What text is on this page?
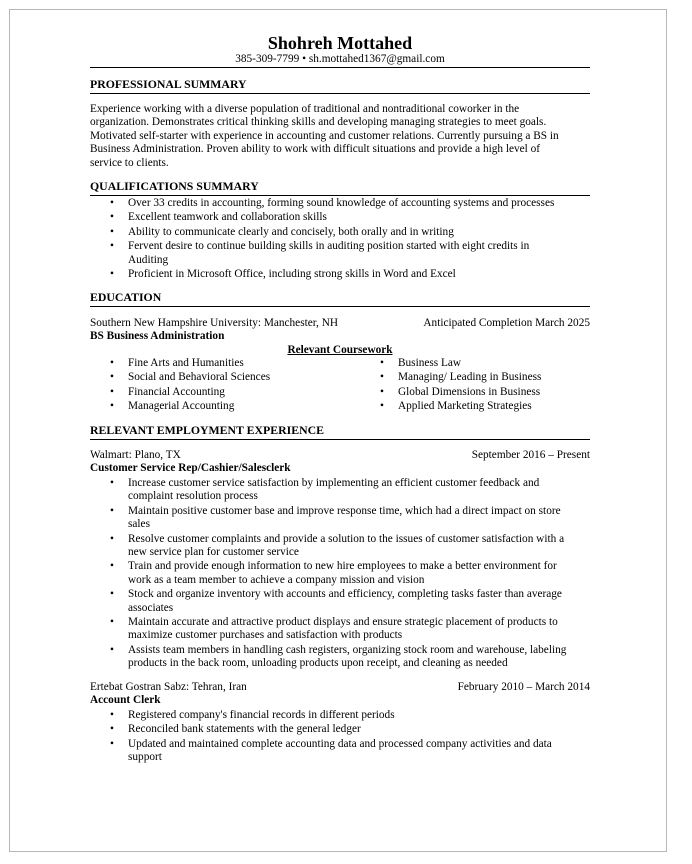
Shohreh Mottahed
385-309-7799 • sh.mottahed1367@gmail.com
PROFESSIONAL SUMMARY
Experience working with a diverse population of traditional and nontraditional coworker in the
organization. Demonstrates critical thinking skills and developing managing strategies to meet goals.
Motivated self-starter with experience in accounting and customer relations. Currently pursuing a BS in
Business Administration. Proven ability to work with difficult situations and provide a high level of
service to clients.
QUALIFICATIONS SUMMARY
• Over 33 credits in accounting, forming sound knowledge of accounting systems and processes
• Excellent teamwork and collaboration skills
• Ability to communicate clearly and concisely, both orally and in writing
• Fervent desire to continue building skills in auditing position started with eight credits in
Auditing
• Proficient in Microsoft Office, including strong skills in Word and Excel
EDUCATION
Southern New Hampshire University: Manchester, NH	Anticipated Completion March 2025
BS Business Administration
Relevant Coursework
• Fine Arts and Humanities
• Social and Behavioral Sciences
• Financial Accounting
• Managerial Accounting
• Business Law
• Managing/ Leading in Business
• Global Dimensions in Business
• Applied Marketing Strategies
RELEVANT EMPLOYMENT EXPERIENCE
Walmart: Plano, TX	September 2016 – Present
Customer Service Rep/Cashier/Salesclerk
• Increase customer service satisfaction by implementing an efficient customer feedback and
complaint resolution process
• Maintain positive customer base and improve response time, which had a direct impact on store
sales
• Resolve customer complaints and provide a solution to the issues of customer satisfaction with a
new service plan for customer service
• Train and provide enough information to new hire employees to make a better environment for
work as a team member to achieve a company mission and vision
• Stock and organize inventory with accounts and efficiency, completing tasks faster than average
associates
• Maintain accurate and attractive product displays and ensure strategic placement of products to
maximize customer purchases and satisfaction with products
• Assists team members in handling cash registers, organizing stock room and warehouse, labeling
products in the back room, unloading products upon receipt, and cleaning as needed
Ertebat Gostran Sabz: Tehran, Iran	February 2010 – March 2014
Account Clerk
• Registered company's financial records in different periods
• Reconciled bank statements with the general ledger
• Updated and maintained complete accounting data and processed company activities and data
support
